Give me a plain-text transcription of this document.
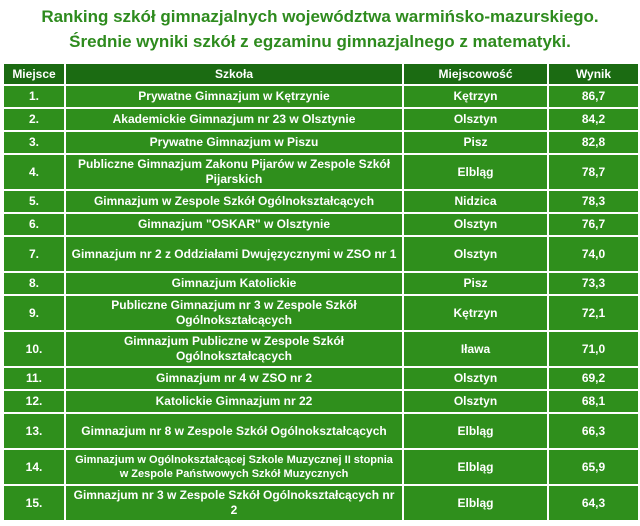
Ranking szkół gimnazjalnych województwa warmińsko-mazurskiego.
Średnie wyniki szkół z egzaminu gimnazjalnego z matematyki.
Miejsce	Szkoła	Miejscowość	Wynik
1.	Prywatne Gimnazjum w Kętrzynie	Kętrzyn	86,7
2.	Akademickie Gimnazjum nr 23 w Olsztynie	Olsztyn	84,2
3.	Prywatne Gimnazjum w Piszu	Pisz	82,8
4.	Publiczne Gimnazjum Zakonu Pijarów w Zespole Szkół Pijarskich	Elbląg	78,7
5.	Gimnazjum w Zespole Szkół Ogólnokształcących	Nidzica	78,3
6.	Gimnazjum "OSKAR" w Olsztynie	Olsztyn	76,7
7.	Gimnazjum nr 2 z Oddziałami Dwujęzycznymi w ZSO nr 1	Olsztyn	74,0
8.	Gimnazjum Katolickie	Pisz	73,3
9.	Publiczne Gimnazjum nr 3 w Zespole Szkół Ogólnokształcących	Kętrzyn	72,1
10.	Gimnazjum Publiczne w Zespole Szkół Ogólnokształcących	Iława	71,0
11.	Gimnazjum nr 4 w ZSO nr 2	Olsztyn	69,2
12.	Katolickie Gimnazjum nr 22	Olsztyn	68,1
13.	Gimnazjum nr 8 w Zespole Szkół Ogólnokształcących	Elbląg	66,3
14.	Gimnazjum w Ogólnokształcącej Szkole Muzycznej II stopnia w Zespole Państwowych Szkół Muzycznych	Elbląg	65,9
15.	Gimnazjum nr 3 w Zespole Szkół Ogólnokształcących nr 2	Elbląg	64,3
